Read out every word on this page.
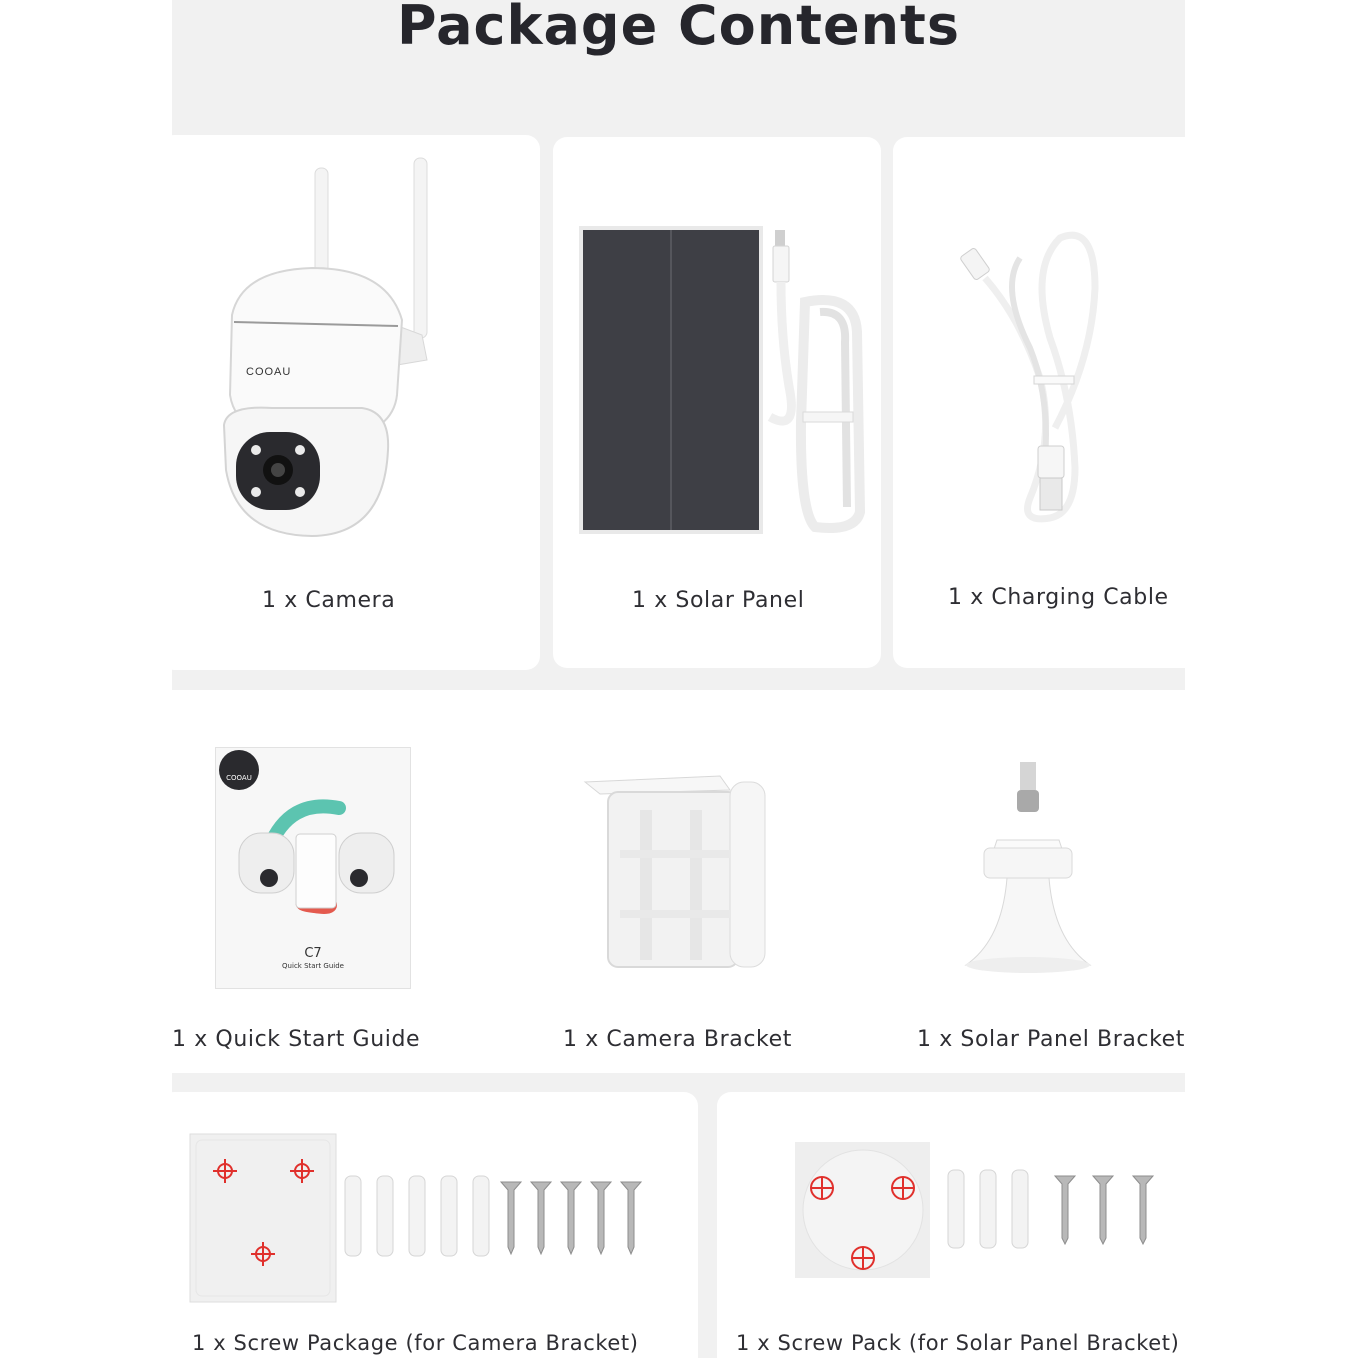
Package Contents
COOAU
COOAU
C7
Quick Start Guide
1 x Camera	1 x Solar Panel	1 x Charging Cable
1 x Quick Start Guide	1 x Camera Bracket	1 x Solar Panel Bracket
1 x Screw Package (for Camera Bracket)	1 x Screw Pack (for Solar Panel Bracket)
